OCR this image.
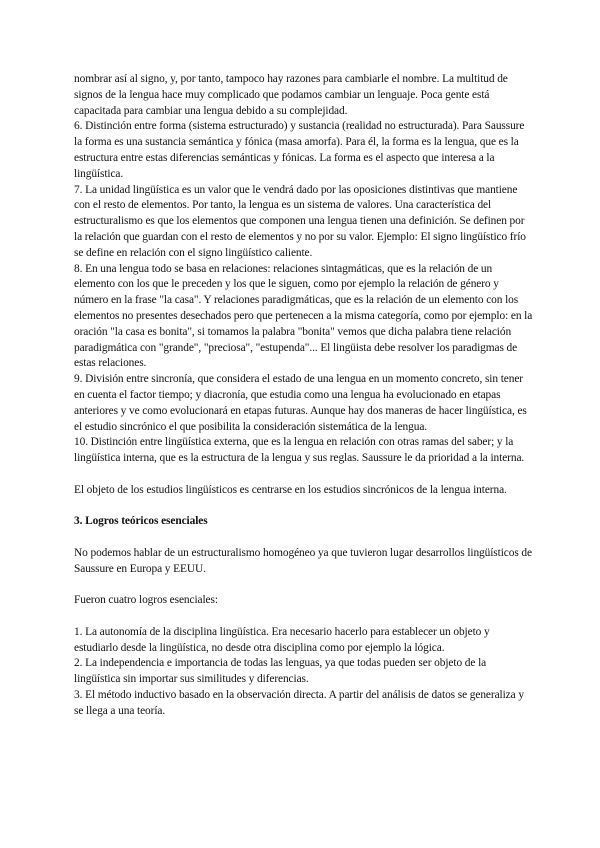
nombrar así al signo, y, por tanto, tampoco hay razones para cambiarle el nombre. La multitud de signos de la lengua hace muy complicado que podamos cambiar un lenguaje. Poca gente está capacitada para cambiar una lengua debido a su complejidad.

6. Distinción entre forma (sistema estructurado) y sustancia (realidad no estructurada). Para Saussure la forma es una sustancia semántica y fónica (masa amorfa). Para él, la forma es la lengua, que es la estructura entre estas diferencias semánticas y fónicas. La forma es el aspecto que interesa a la lingüística.

7. La unidad lingüística es un valor que le vendrá dado por las oposiciones distintivas que mantiene con el resto de elementos. Por tanto, la lengua es un sistema de valores. Una característica del estructuralismo es que los elementos que componen una lengua tienen una definición. Se definen por la relación que guardan con el resto de elementos y no por su valor. Ejemplo: El signo lingüístico frío se define en relación con el signo lingüístico caliente.

8. En una lengua todo se basa en relaciones: relaciones sintagmáticas, que es la relación de un elemento con los que le preceden y los que le siguen, como por ejemplo la relación de género y número en la frase "la casa". Y relaciones paradigmáticas, que es la relación de un elemento con los elementos no presentes desechados pero que pertenecen a la misma categoría, como por ejemplo: en la oración "la casa es bonita", si tomamos la palabra "bonita" vemos que dicha palabra tiene relación paradigmática con "grande", "preciosa", "estupenda"... El lingüista debe resolver los paradigmas de estas relaciones.

9. División entre sincronía, que considera el estado de una lengua en un momento concreto, sin tener en cuenta el factor tiempo; y diacronía, que estudia como una lengua ha evolucionado en etapas anteriores y ve como evolucionará en etapas futuras. Aunque hay dos maneras de hacer lingüística, es el estudio sincrónico el que posibilita la consideración sistemática de la lengua.

10. Distinción entre lingüística externa, que es la lengua en relación con otras ramas del saber; y la lingüística interna, que es la estructura de la lengua y sus reglas. Saussure le da prioridad a la interna.

El objeto de los estudios lingüísticos es centrarse en los estudios sincrónicos de la lengua interna.

3. Logros teóricos esenciales

No podemos hablar de un estructuralismo homogéneo ya que tuvieron lugar desarrollos lingüísticos de Saussure en Europa y EEUU.

Fueron cuatro logros esenciales:

1. La autonomía de la disciplina lingüística. Era necesario hacerlo para establecer un objeto y estudiarlo desde la lingüística, no desde otra disciplina como por ejemplo la lógica.

2. La independencia e importancia de todas las lenguas, ya que todas pueden ser objeto de la lingüística sin importar sus similitudes y diferencias.

3. El método inductivo basado en la observación directa. A partir del análisis de datos se generaliza y se llega a una teoría.
